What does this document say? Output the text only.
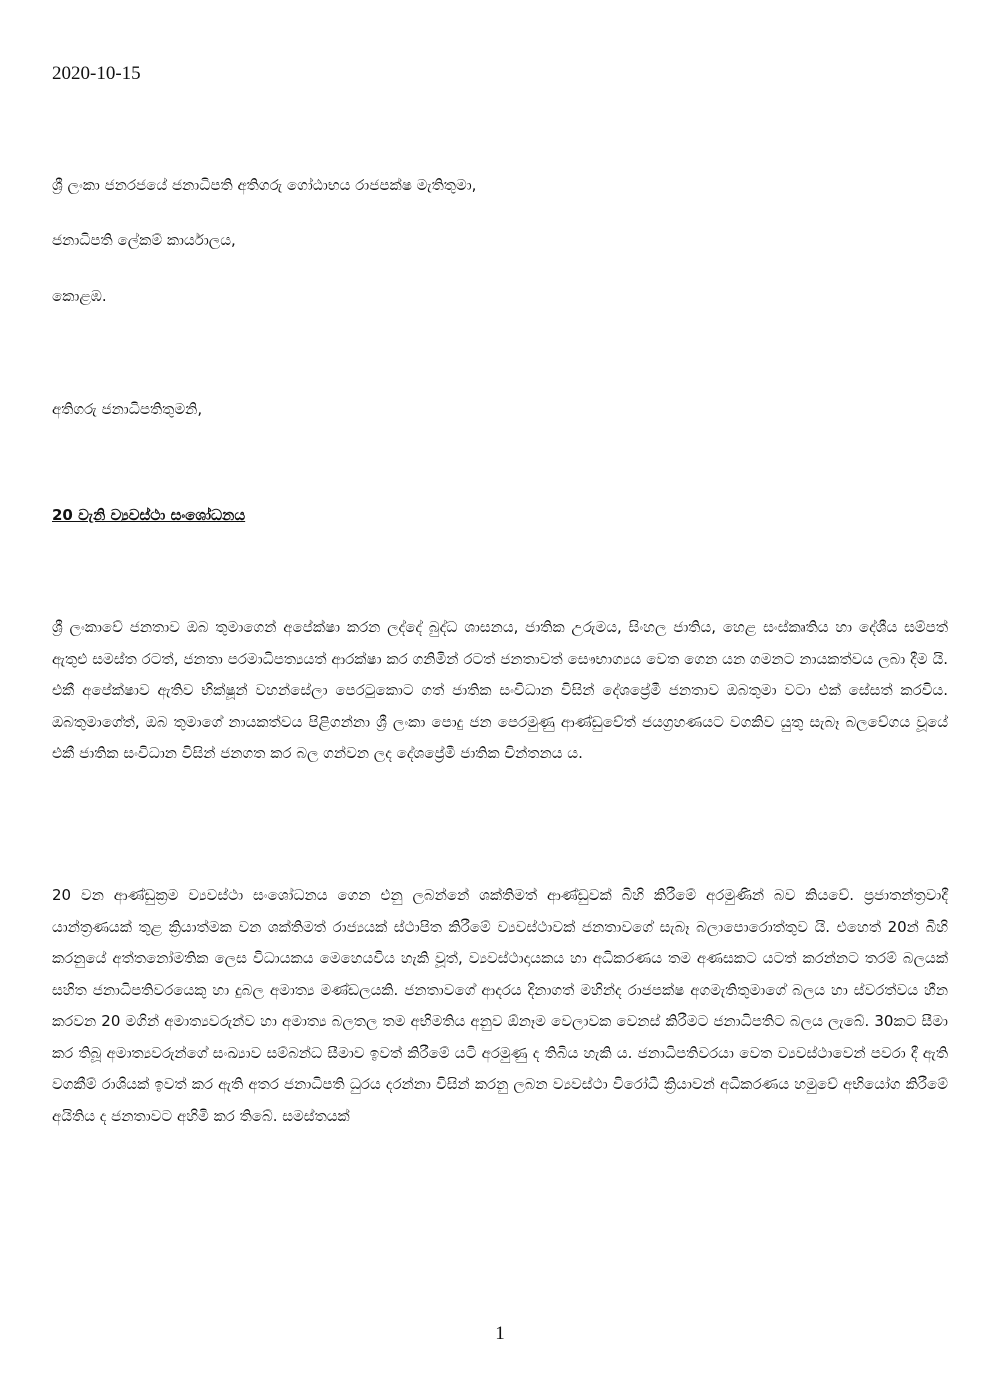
2020-10-15
ශ්‍රී ලංකා ජනරජයේ ජනාධිපති අතිගරු ගෝඨාභය රාජපක්ෂ මැතිතුමා,
ජනාධිපති ලේකම් කාර්යාලය,
කොළඹ.
අතිගරු ජනාධිපතිතුමනි,
20 වැනි ව්‍යවස්ථා සංශෝධනය

ශ්‍රී ලංකාවේ ජනතාව ඔබ තුමාගෙන් අපේක්ෂා කරන ලද්දේ බුද්ධ ශාසනය, ජාතික උරුමය, සිංහල ජාතිය, හෙළ සංස්කෘතිය හා දේශීය සම්පත් ඇතුළු සමස්ත රටත්, ජනතා පරමාධිපත්‍යයත් ආරක්ෂා කර ගනිමින් රටත් ජනතාවත් සෞභාග්‍යය වෙත ගෙන යන ගමනට නායකත්වය ලබා දීම යි. එකී අපේක්ෂාව ඇතිව භික්ෂූන් වහන්සේලා පෙරටුකොට ගත් ජාතික සංවිධාන විසින් දේශප්‍රේමී ජනතාව ඔබතුමා වටා එක් සේසත් කරවිය. ඔබතුමාගේත්, ඔබ තුමාගේ නායකත්වය පිළිගන්නා ශ්‍රී ලංකා පොදු ජන පෙරමුණු ආණ්ඩුවේත් ජයග්‍රහණයට වගකිව යුතු සැබෑ බලවේගය වූයේ එකී ජාතික සංවිධාන විසින් ජනගත කර බල ගන්වන ලද දේශප්‍රේමී ජාතික චින්තනය ය.

20 වන ආණ්ඩුක්‍රම ව්‍යවස්ථා සංශෝධනය ගෙන එනු ලබන්නේ ශක්තිමත් ආණ්ඩුවක් බිහි කිරීමේ අරමුණින් බව කියවේ. ප්‍රජාතන්ත්‍රවාදී යාන්ත්‍රණයක් තුළ ක්‍රියාත්මක වන ශක්තිමත් රාජ්‍යයක් ස්ථාපිත කිරීමේ ව්‍යවස්ථාවක් ජනතාවගේ සැබෑ බලාපොරොත්තුව යි. එහෙත් 20න් බිහි කරනුයේ අත්තනෝමතික ලෙස විධායකය මෙහෙයවිය හැකි වූත්, ව්‍යවස්ථාදායකය හා අධිකරණය තම අණසකට යටත් කරන්නට තරම් බලයක් සහිත ජනාධිපතිවරයෙකු හා දුබල අමාත්‍ය මණ්ඩලයකි. ජනතාවගේ ආදරය දිනාගත් මහින්ද රාජපක්ෂ අගමැතිතුමාගේ බලය හා ස්වරත්වය හීන කරවන 20 මගින් අමාත්‍යවරුන්ව හා අමාත්‍ය බලතල තම අභිමතිය අනුව ඕනෑම වෙලාවක වෙනස් කිරීමට ජනාධිපතිට බලය ලැබේ. 30කට සීමා කර තිබූ අමාත්‍යවරුන්ගේ සංඛ්‍යාව සම්බන්ධ සීමාව ඉවත් කිරීමේ යටි අරමුණු ද තිබිය හැකි ය. ජනාධිපතිවරයා වෙත ව්‍යවස්ථාවෙන් පවරා දී ඇති වගකීම් රාශියක් ඉවත් කර ඇති අතර ජනාධිපති ධුරය දරන්නා විසින් කරනු ලබන ව්‍යවස්ථා විරෝධී ක්‍රියාවන් අධිකරණය හමුවේ අභියෝග කිරීමේ අයිතිය ද ජනතාවට අහිමි කර තිබේ. සමස්තයක්

1
